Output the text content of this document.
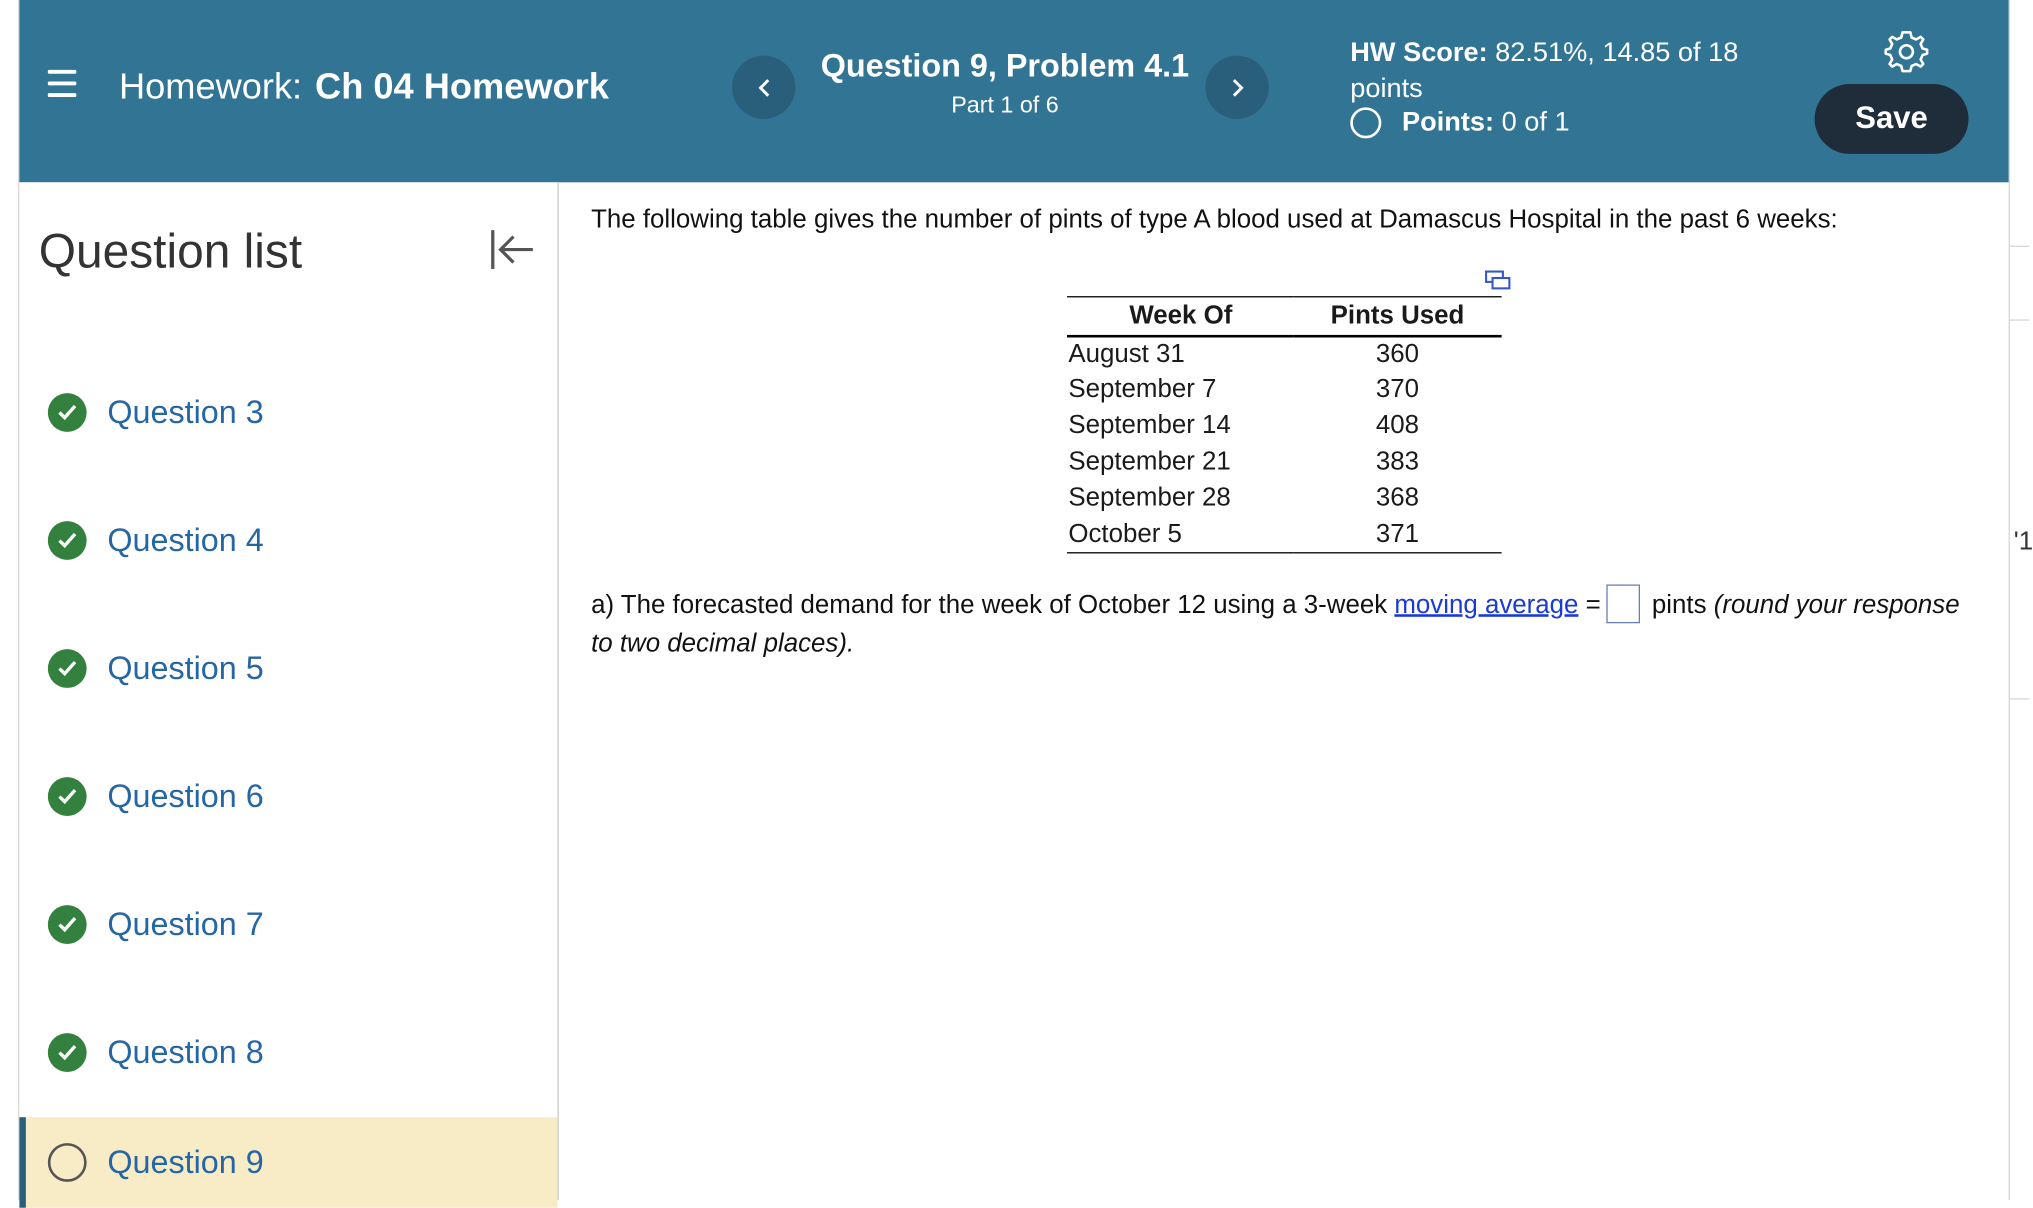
'1
Homework: Ch 04 Homework	Question 9, Problem 4.1
Part 1 of 6
HW Score: 82.51%, 14.85 of 18
points
Points:
0 of 1	Save
Question list
Question 3
Question 4
Question 5
Question 6
Question 7
Question 8
Question 9
The following table gives the number of pints of type A blood used at Damascus Hospital in the past 6 weeks:
Week Of	Pints Used
August 31	360
September 7	370
September 14	408
September 21	383
September 28	368
October 5	371
a) The forecasted demand for the week of October 12 using a 3-week moving average = pints (round your response to two decimal places).
